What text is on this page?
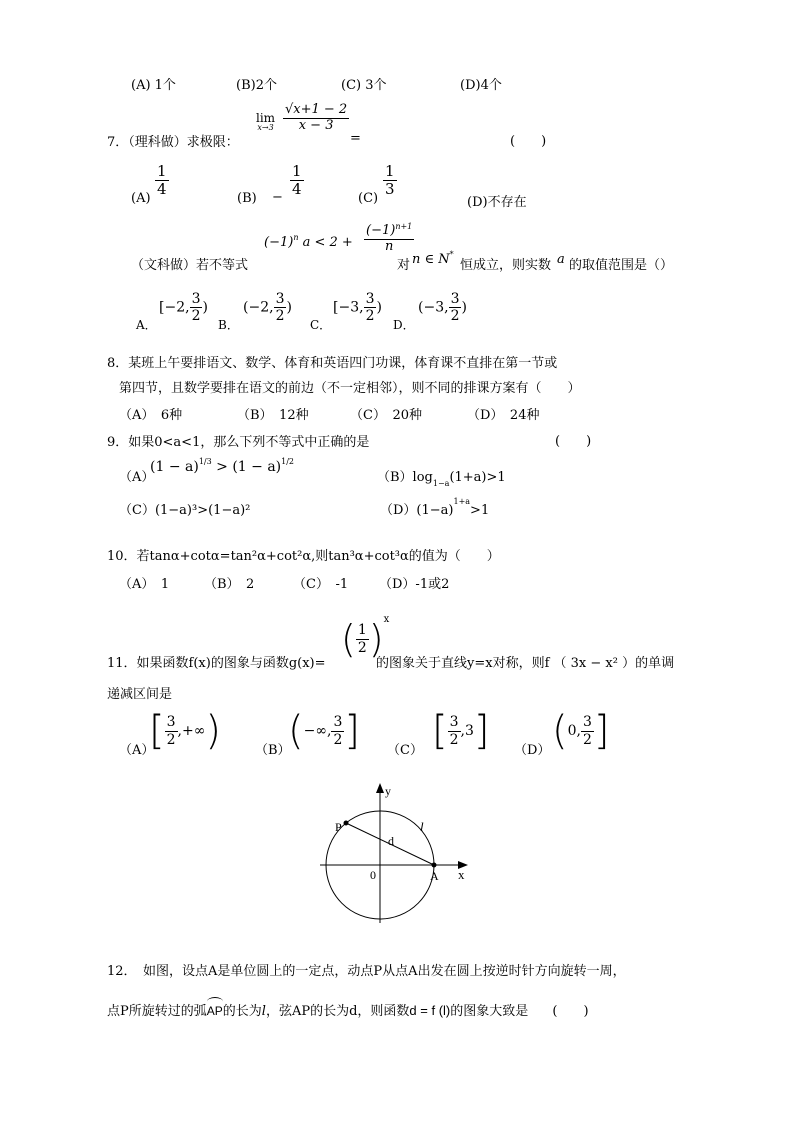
(A) 1个	(B)2个	(C) 3个	(D)4个
7．（理科做）求极限：
lim
$x\to 3 \frac{√x+1 - 2}{x - 3}$
=	(　　)
$(A) \frac{1}{4}$	$(B) - \frac{1}{4}$	$(C) \frac{1}{3}$
(D)不存在
（文科做）若不等式
$(-1)^n$ $a < 2 + \frac{(-1)^{n+1}}{n}$
对 n ∈ N*
恒成立，则实数 a 的取值范围是（）
A．
[−2, $\frac{3}{2}$ )
B．
(−2, $\frac{3}{2}$ )
C．
[−3, $\frac{3}{2}$ )
D．
(−3, $\frac{3}{2}$ )
8．某班上午要排语文、数学、体育和英语四门功课，体育课不直排在第一节或
第四节，且数学要排在语文的前边（不一定相邻），则不同的排课方案有（　　）
（A）　6种	（B）　12种	（C）　20种	（D）　24种
9．如果0<a<1，那么下列不等式中正确的是	(　　)
（A）
$(1 - a)^{1/3} > (1 - a)^{1/2}$
$(B)\log_{1-a}(1+a)>1$
（C）(1−a)³>(1−a)²	$(D)(1-a)^{1+a}>1$
10．若tanα+cotα=tan²α+cot²α,则tan³α+cot³α的值为（　　）
（A）　1	（B）　2	（C）　-1 （D）-1或2
11．如果函数f(x)的图象与函数g(x)=
( $\frac{1}{2} )^x$
的图象关于直线y=x对称，则f （ 3x − x² ）的单调
递减区间是
（A）
[ $\frac{3}{2}$ ,+∞)	（B）
(−∞, $\frac{3}{2}$ ] （C） [ $\frac{3}{2} ,3$] （D） (0, $\frac{3}{2}$ ]
y
x
0
P
A
d
l
12．　如图，设点A是单位圆上的一定点，动点P从点A出发在圆上按逆时针方向旋转一周，
点P所旋转过的弧
AP的长为l，弦AP的长为d，则函数d = f (l)的图象大致是 (　　)
